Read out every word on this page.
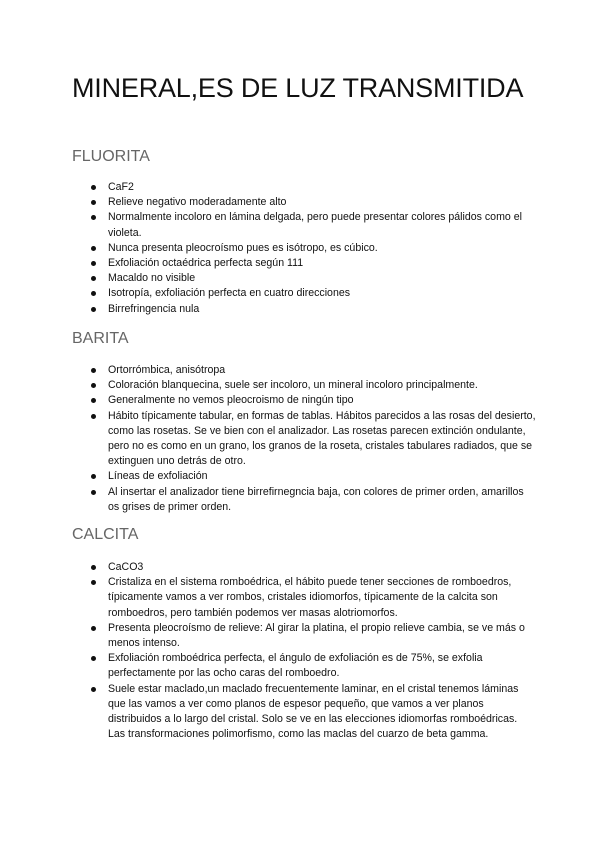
MINERAL,ES DE LUZ TRANSMITIDA
FLUORITA
CaF2
Relieve negativo moderadamente alto
Normalmente incoloro en lámina delgada, pero puede presentar colores pálidos como el violeta.
Nunca presenta pleocroísmo pues es isótropo, es cúbico.
Exfoliación octaédrica perfecta según 111
Macaldo no visible
Isotropía, exfoliación perfecta en cuatro direcciones
Birrefringencia nula
BARITA
Ortorrómbica, anisótropa
Coloración blanquecina, suele ser incoloro, un mineral incoloro principalmente.
Generalmente no vemos pleocroismo de ningún tipo
Hábito típicamente tabular, en formas de tablas. Hábitos parecidos a las rosas del desierto, como las rosetas. Se ve bien con el analizador. Las rosetas parecen extinción ondulante, pero no es como en un grano, los granos de la roseta, cristales tabulares radiados, que se extinguen uno detrás de otro.
Líneas de exfoliación
Al insertar el analizador tiene birrefirnegncia baja, con colores de primer orden, amarillos os grises de primer orden.
CALCITA
CaCO3
Cristaliza en el sistema romboédrica, el hábito puede tener secciones de romboedros, típicamente vamos a ver rombos, cristales idiomorfos, típicamente de la calcita son romboedros, pero también podemos ver masas alotriomorfos.
Presenta pleocroísmo de relieve: Al girar la platina, el propio relieve cambia, se ve más o menos intenso.
Exfoliación romboédrica perfecta, el ángulo de exfoliación es de 75%, se exfolia perfectamente por las ocho caras del romboedro.
Suele estar maclado,un maclado frecuentemente laminar, en el cristal tenemos láminas que las vamos a ver como planos de espesor pequeño, que vamos a ver planos distribuidos a lo largo del cristal. Solo se ve en las elecciones idiomorfas romboédricas. Las transformaciones polimorfismo, como las maclas del cuarzo de beta gamma.
